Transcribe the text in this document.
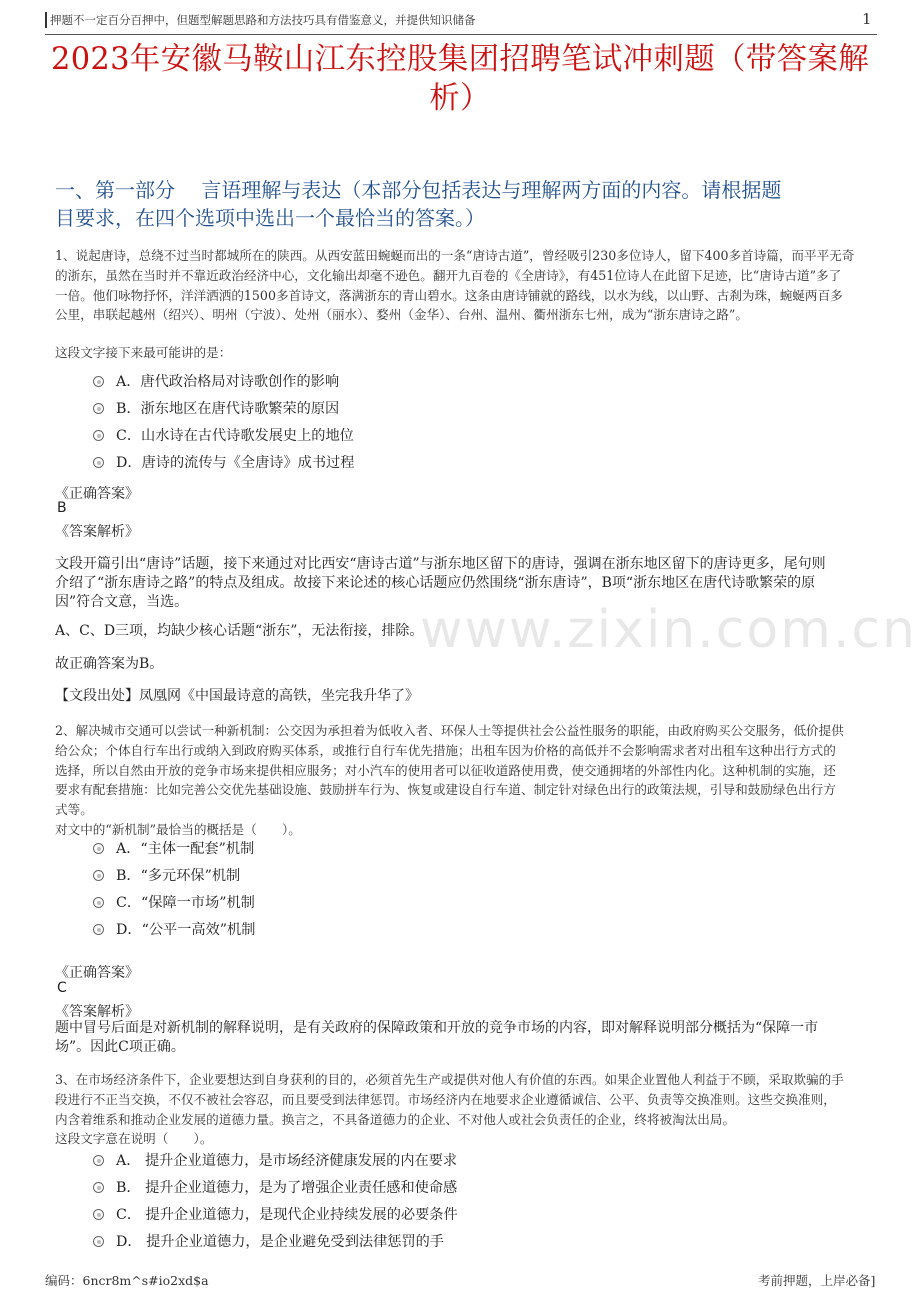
押题不一定百分百押中，但题型解题思路和方法技巧具有借鉴意义，并提供知识储备	1
2023年安徽马鞍山江东控股集团招聘笔试冲刺题（带答案解
析）
一、第一部分　 言语理解与表达（本部分包括表达与理解两方面的内容。请根据题
目要求，在四个选项中选出一个最恰当的答案。）
www.zixin.com.cn
1、说起唐诗，总绕不过当时都城所在的陕西。从西安蓝田蜿蜒而出的一条“唐诗古道”，曾经吸引230多位诗人，留下400多首诗篇，而平平无奇
的浙东，虽然在当时并不靠近政治经济中心，文化输出却毫不逊色。翻开九百卷的《全唐诗》，有451位诗人在此留下足迹，比“唐诗古道”多了
一倍。他们咏物抒怀，洋洋洒洒的1500多首诗文，落满浙东的青山碧水。这条由唐诗铺就的路线，以水为线，以山野、古刹为珠，蜿蜒两百多
公里，串联起越州（绍兴）、明州（宁波）、处州（丽水）、婺州（金华）、台州、温州、衢州浙东七州，成为“浙东唐诗之路”。
这段文字接下来最可能讲的是：
A．唐代政治格局对诗歌创作的影响
B．浙东地区在唐代诗歌繁荣的原因
C．山水诗在古代诗歌发展史上的地位
D．唐诗的流传与《全唐诗》成书过程
《正确答案》
B
《答案解析》
文段开篇引出“唐诗”话题，接下来通过对比西安“唐诗古道”与浙东地区留下的唐诗，强调在浙东地区留下的唐诗更多，尾句则
介绍了“浙东唐诗之路”的特点及组成。故接下来论述的核心话题应仍然围绕“浙东唐诗”，B项“浙东地区在唐代诗歌繁荣的原
因”符合文意，当选。
A、C、D三项，均缺少核心话题“浙东”，无法衔接，排除。
故正确答案为B。
【文段出处】凤凰网《中国最诗意的高铁，坐完我升华了》
2、解决城市交通可以尝试一种新机制：公交因为承担着为低收入者、环保人士等提供社会公益性服务的职能，由政府购买公交服务，低价提供
给公众；个体自行车出行或纳入到政府购买体系，或推行自行车优先措施；出租车因为价格的高低并不会影响需求者对出租车这种出行方式的
选择，所以自然由开放的竞争市场来提供相应服务；对小汽车的使用者可以征收道路使用费，使交通拥堵的外部性内化。这种机制的实施，还
要求有配套措施：比如完善公交优先基础设施、鼓励拼车行为、恢复或建设自行车道、制定针对绿色出行的政策法规，引导和鼓励绿色出行方
式等。
对文中的“新机制”最恰当的概括是（　　）。
A．“主体一配套”机制
B．“多元环保”机制
C．“保障一市场”机制
D．“公平一高效”机制
《正确答案》
C
《答案解析》
题中冒号后面是对新机制的解释说明，是有关政府的保障政策和开放的竞争市场的内容，即对解释说明部分概括为“保障一市
场”。因此C项正确。
3、在市场经济条件下，企业要想达到自身获利的目的，必须首先生产或提供对他人有价值的东西。如果企业置他人利益于不顾，采取欺骗的手
段进行不正当交换，不仅不被社会容忍，而且要受到法律惩罚。市场经济内在地要求企业遵循诚信、公平、负责等交换准则。这些交换准则，
内含着维系和推动企业发展的道德力量。换言之，不具备道德力的企业、不对他人或社会负责任的企业，终将被淘汰出局。
这段文字意在说明（　　）。
A． 提升企业道德力，是市场经济健康发展的内在要求
B． 提升企业道德力，是为了增强企业责任感和使命感
C． 提升企业道德力，是现代企业持续发展的必要条件
D． 提升企业道德力，是企业避免受到法律惩罚的手
编码：6ncr8m^s#io2xd$a	考前押题，上岸必备]
